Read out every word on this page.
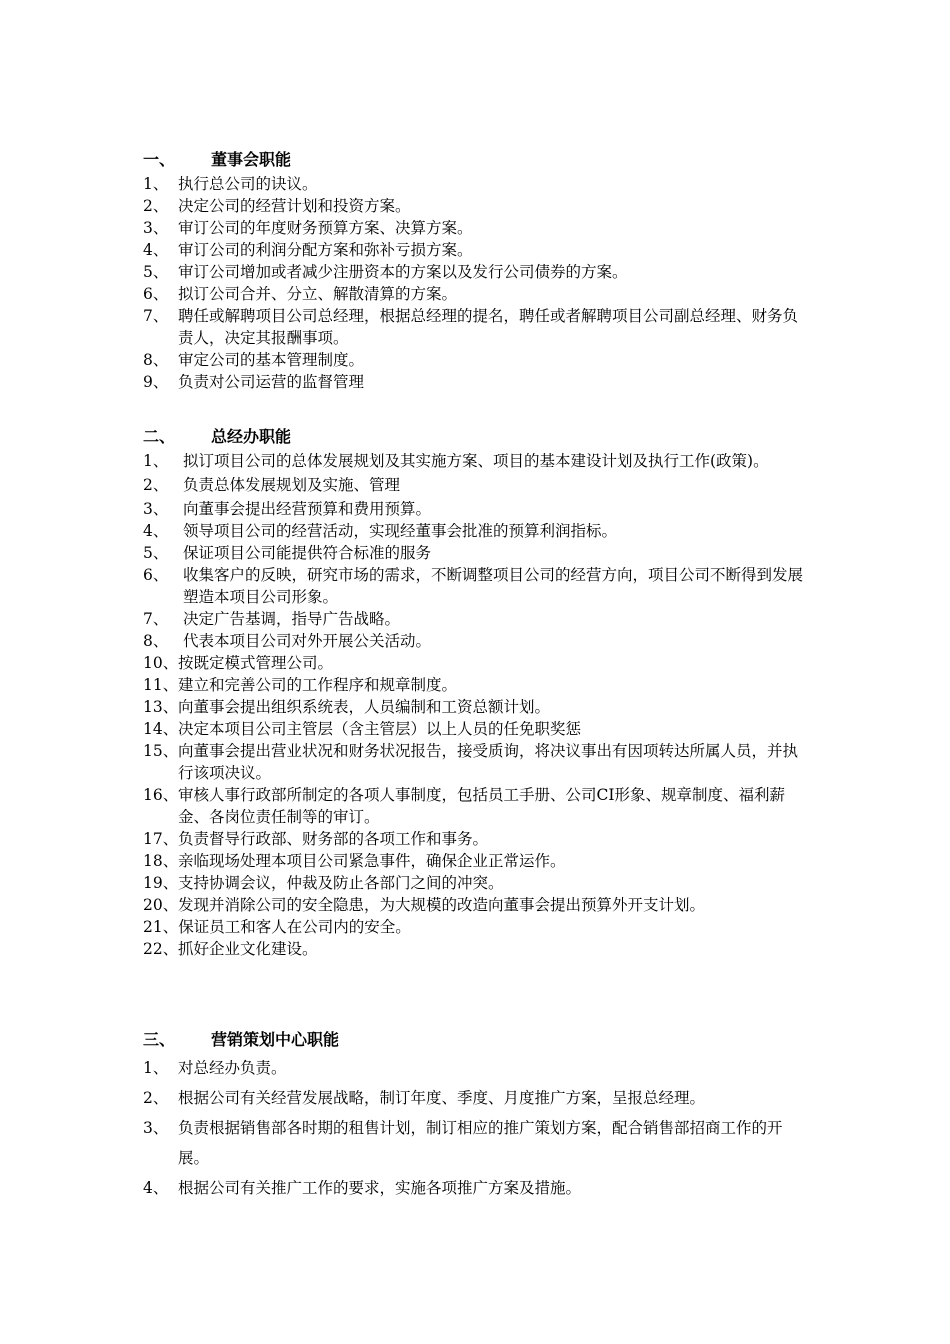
一、 董事会职能
1、 执行总公司的诀议。
2、 决定公司的经营计划和投资方案。
3、 审订公司的年度财务预算方案、决算方案。
4、 审订公司的利润分配方案和弥补亏损方案。
5、 审订公司增加或者减少注册资本的方案以及发行公司债券的方案。
6、 拟订公司合并、分立、解散清算的方案。
7、 聘任或解聘项目公司总经理，根据总经理的提名，聘任或者解聘项目公司副总经理、财务负责人，决定其报酬事项。
8、 审定公司的基本管理制度。
9、 负责对公司运营的监督管理
二、 总经办职能
1、 拟订项目公司的总体发展规划及其实施方案、项目的基本建设计划及执行工作(政策)。
2、 负责总体发展规划及实施、管理
3、 向董事会提出经营预算和费用预算。
4、 领导项目公司的经营活动，实现经董事会批准的预算利润指标。
5、 保证项目公司能提供符合标准的服务
6、 收集客户的反映，研究市场的需求，不断调整项目公司的经营方向，项目公司不断得到发展塑造本项目公司形象。
7、 决定广告基调，指导广告战略。
8、 代表本项目公司对外开展公关活动。
10、 按既定模式管理公司。
11、 建立和完善公司的工作程序和规章制度。
13、 向董事会提出组织系统表，人员编制和工资总额计划。
14、 决定本项目公司主管层（含主管层）以上人员的任免职奖惩
15、 向董事会提出营业状况和财务状况报告，接受质询，将决议事出有因项转达所属人员，并执行该项决议。
16、 审核人事行政部所制定的各项人事制度，包括员工手册、公司CI形象、规章制度、福利薪金、各岗位责任制等的审订。
17、 负责督导行政部、财务部的各项工作和事务。
18、 亲临现场处理本项目公司紧急事件，确保企业正常运作。
19、 支持协调会议，仲裁及防止各部门之间的冲突。
20、 发现并消除公司的安全隐患，为大规模的改造向董事会提出预算外开支计划。
21、保证员工和客人在公司内的安全。
22、 抓好企业文化建设。
三、 营销策划中心职能
1、 对总经办负责。
2、 根据公司有关经营发展战略，制订年度、季度、月度推广方案，呈报总经理。
3、 负责根据销售部各时期的租售计划，制订相应的推广策划方案，配合销售部招商工作的开展。
4、 根据公司有关推广工作的要求，实施各项推广方案及措施。
